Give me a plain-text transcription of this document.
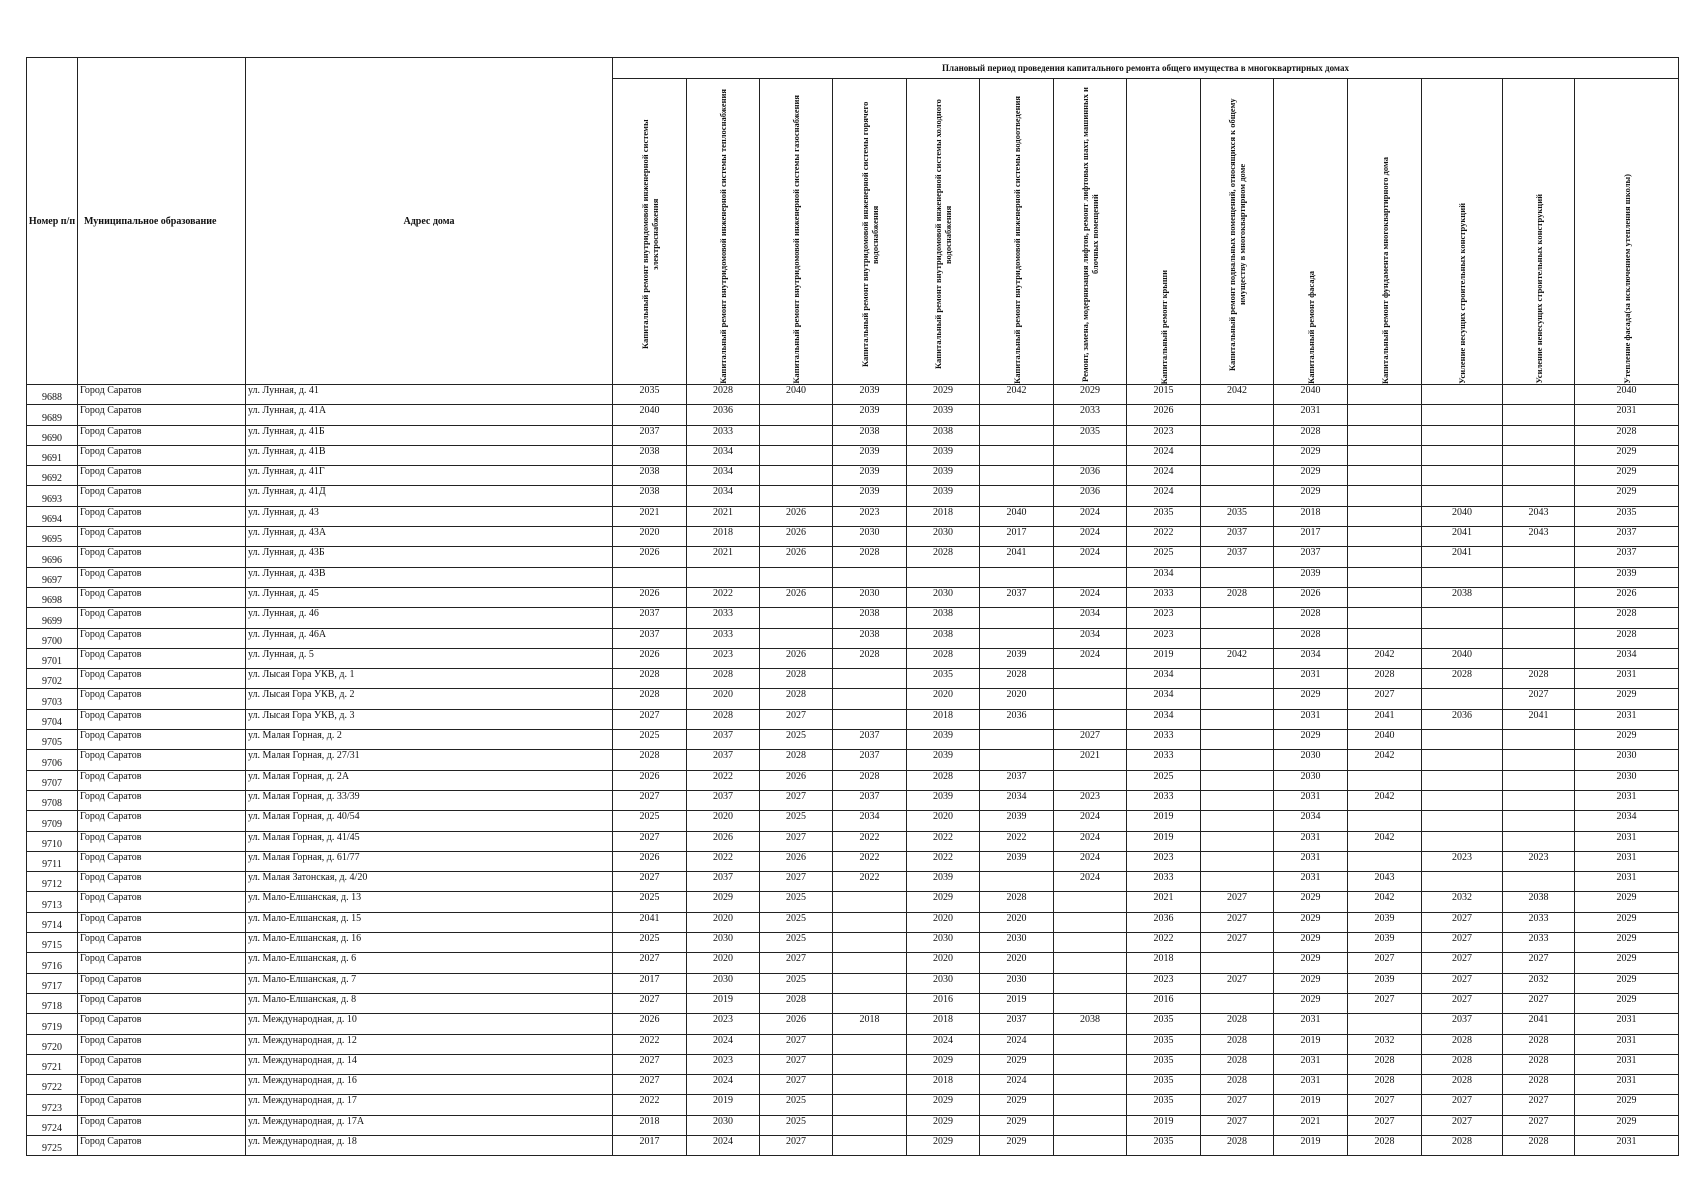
Номер п/п	Муниципальное образование	Адрес дома	Плановый период проведения капитального ремонта общего имущества в многоквартирных домах													

			Капитальный ремонт внутридомовой инженерной системы электроснабжения	Капитальный ремонт внутридомовой инженерной системы теплоснабжения	Капитальный ремонт внутридомовой инженерной системы газоснабжения	Капитальный ремонт внутридомовой инженерной системы горячего водоснабжения	Капитальный ремонт внутридомовой инженерной системы холодного водоснабжения	Капитальный ремонт внутридомовой инженерной системы водоотведения	Ремонт, замена, модернизация лифтов, ремонт лифтовых шахт, машинных и блочных помещений	Капитальный ремонт крыши	Капитальный ремонт подвальных помещений, относящихся к общему имуществу в многоквартирном доме	Капитальный ремонт фасада	Капитальный ремонт фундамента многоквартирного дома	Усиление несущих строительных конструкций	Усиление ненесущих строительных конструкций	Утепление фасада(за исключением утепления школы)

9688	Город Саратов	ул. Лунная, д. 41	2035	2028	2040	2039	2029	2042	2029	2015	2042	2040				2040
9689	Город Саратов	ул. Лунная, д. 41А	2040	2036		2039	2039		2033	2026		2031				2031
9690	Город Саратов	ул. Лунная, д. 41Б	2037	2033		2038	2038		2035	2023		2028				2028
9691	Город Саратов	ул. Лунная, д. 41В	2038	2034		2039	2039			2024		2029				2029
9692	Город Саратов	ул. Лунная, д. 41Г	2038	2034		2039	2039		2036	2024		2029				2029
9693	Город Саратов	ул. Лунная, д. 41Д	2038	2034		2039	2039		2036	2024		2029				2029
9694	Город Саратов	ул. Лунная, д. 43	2021	2021	2026	2023	2018	2040	2024	2035	2035	2018		2040	2043	2035
9695	Город Саратов	ул. Лунная, д. 43А	2020	2018	2026	2030	2030	2017	2024	2022	2037	2017		2041	2043	2037
9696	Город Саратов	ул. Лунная, д. 43Б	2026	2021	2026	2028	2028	2041	2024	2025	2037	2037		2041		2037
9697	Город Саратов	ул. Лунная, д. 43В								2034		2039				2039
9698	Город Саратов	ул. Лунная, д. 45	2026	2022	2026	2030	2030	2037	2024	2033	2028	2026		2038		2026
9699	Город Саратов	ул. Лунная, д. 46	2037	2033		2038	2038		2034	2023		2028				2028
9700	Город Саратов	ул. Лунная, д. 46А	2037	2033		2038	2038		2034	2023		2028				2028
9701	Город Саратов	ул. Лунная, д. 5	2026	2023	2026	2028	2028	2039	2024	2019	2042	2034	2042	2040		2034
9702	Город Саратов	ул. Лысая Гора УКВ, д. 1	2028	2028	2028		2035	2028		2034		2031	2028	2028	2028	2031
9703	Город Саратов	ул. Лысая Гора УКВ, д. 2	2028	2020	2028		2020	2020		2034		2029	2027		2027	2029
9704	Город Саратов	ул. Лысая Гора УКВ, д. 3	2027	2028	2027		2018	2036		2034		2031	2041	2036	2041	2031
9705	Город Саратов	ул. Малая Горная, д. 2	2025	2037	2025	2037	2039		2027	2033		2029	2040			2029
9706	Город Саратов	ул. Малая Горная, д. 27/31	2028	2037	2028	2037	2039		2021	2033		2030	2042			2030
9707	Город Саратов	ул. Малая Горная, д. 2А	2026	2022	2026	2028	2028	2037		2025		2030				2030
9708	Город Саратов	ул. Малая Горная, д. 33/39	2027	2037	2027	2037	2039	2034	2023	2033		2031	2042			2031
9709	Город Саратов	ул. Малая Горная, д. 40/54	2025	2020	2025	2034	2020	2039	2024	2019		2034				2034
9710	Город Саратов	ул. Малая Горная, д. 41/45	2027	2026	2027	2022	2022	2022	2024	2019		2031	2042			2031
9711	Город Саратов	ул. Малая Горная, д. 61/77	2026	2022	2026	2022	2022	2039	2024	2023		2031		2023	2023	2031
9712	Город Саратов	ул. Малая Затонская, д. 4/20	2027	2037	2027	2022	2039		2024	2033		2031	2043			2031
9713	Город Саратов	ул. Мало-Елшанская, д. 13	2025	2029	2025		2029	2028		2021	2027	2029	2042	2032	2038	2029
9714	Город Саратов	ул. Мало-Елшанская, д. 15	2041	2020	2025		2020	2020		2036	2027	2029	2039	2027	2033	2029
9715	Город Саратов	ул. Мало-Елшанская, д. 16	2025	2030	2025		2030	2030		2022	2027	2029	2039	2027	2033	2029
9716	Город Саратов	ул. Мало-Елшанская, д. 6	2027	2020	2027		2020	2020		2018		2029	2027	2027	2027	2029
9717	Город Саратов	ул. Мало-Елшанская, д. 7	2017	2030	2025		2030	2030		2023	2027	2029	2039	2027	2032	2029
9718	Город Саратов	ул. Мало-Елшанская, д. 8	2027	2019	2028		2016	2019		2016		2029	2027	2027	2027	2029
9719	Город Саратов	ул. Международная, д. 10	2026	2023	2026	2018	2018	2037	2038	2035	2028	2031		2037	2041	2031
9720	Город Саратов	ул. Международная, д. 12	2022	2024	2027		2024	2024		2035	2028	2019	2032	2028	2028	2031
9721	Город Саратов	ул. Международная, д. 14	2027	2023	2027		2029	2029		2035	2028	2031	2028	2028	2028	2031
9722	Город Саратов	ул. Международная, д. 16	2027	2024	2027		2018	2024		2035	2028	2031	2028	2028	2028	2031
9723	Город Саратов	ул. Международная, д. 17	2022	2019	2025		2029	2029		2035	2027	2019	2027	2027	2027	2029
9724	Город Саратов	ул. Международная, д. 17А	2018	2030	2025		2029	2029		2019	2027	2021	2027	2027	2027	2029
9725	Город Саратов	ул. Международная, д. 18	2017	2024	2027		2029	2029		2035	2028	2019	2028	2028	2028	2031
